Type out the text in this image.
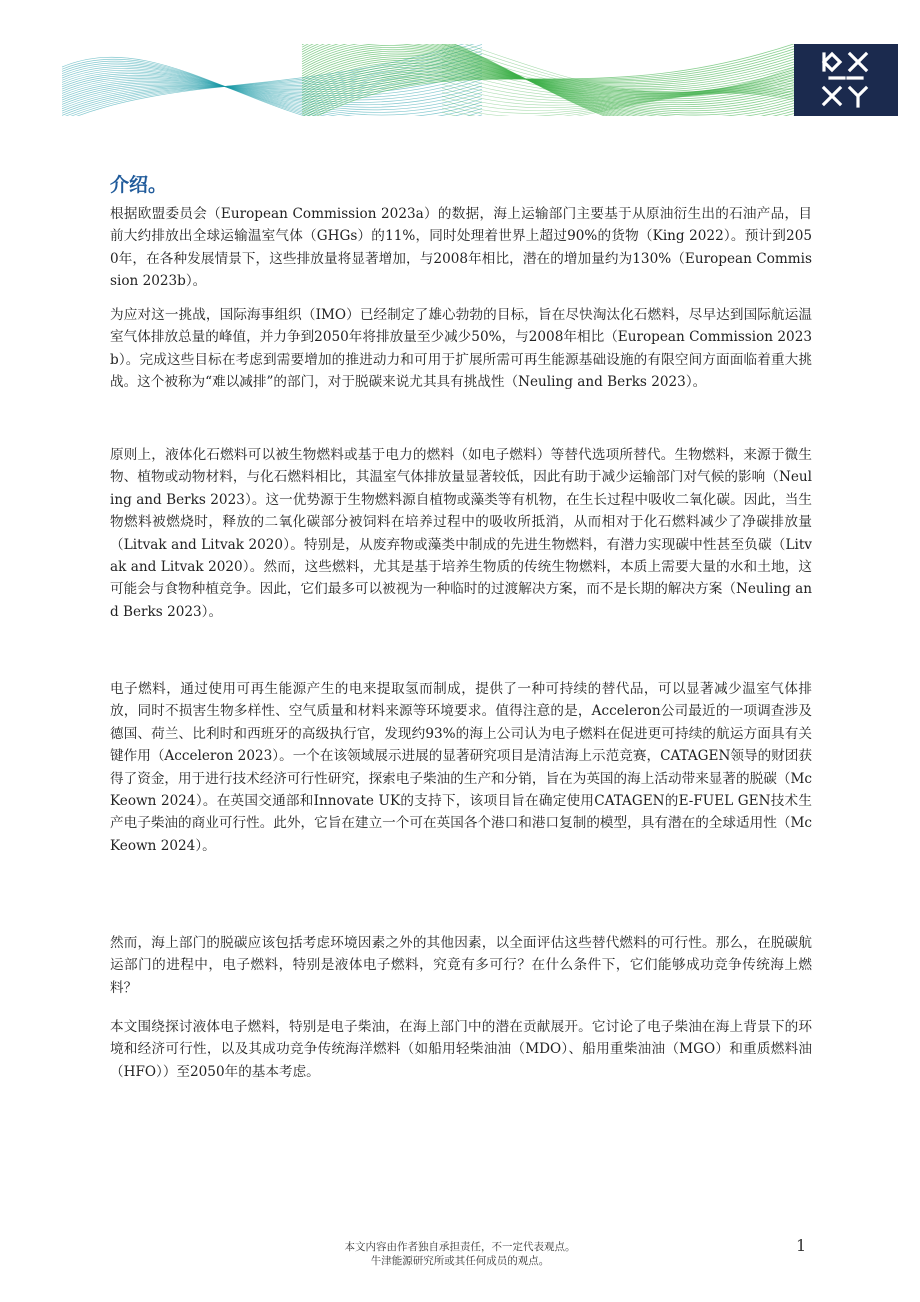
介绍。

根据欧盟委员会（European Commission 2023a）的数据，海上运输部门主要基于从原油衍生出的石油产品，目前大约排放出全球运输温室气体（GHGs）的11%，同时处理着世界上超过90%的货物（King 2022）。预计到2050年，在各种发展情景下，这些排放量将显著增加，与2008年相比，潜在的增加量约为130%（European Commission 2023b）。

为应对这一挑战，国际海事组织（IMO）已经制定了雄心勃勃的目标，旨在尽快淘汰化石燃料，尽早达到国际航运温室气体排放总量的峰值，并力争到2050年将排放量至少减少50%，与2008年相比（European Commission 2023b）。完成这些目标在考虑到需要增加的推进动力和可用于扩展所需可再生能源基础设施的有限空间方面面临着重大挑战。这个被称为“难以减排”的部门，对于脱碳来说尤其具有挑战性（Neuling and Berks 2023）。

原则上，液体化石燃料可以被生物燃料或基于电力的燃料（如电子燃料）等替代选项所替代。生物燃料，来源于微生物、植物或动物材料，与化石燃料相比，其温室气体排放量显著较低，因此有助于减少运输部门对气候的影响（Neuling and Berks 2023）。这一优势源于生物燃料源自植物或藻类等有机物，在生长过程中吸收二氧化碳。因此，当生物燃料被燃烧时，释放的二氧化碳部分被饲料在培养过程中的吸收所抵消，从而相对于化石燃料减少了净碳排放量（Litvak and Litvak 2020）。特别是，从废弃物或藻类中制成的先进生物燃料，有潜力实现碳中性甚至负碳（Litvak and Litvak 2020）。然而，这些燃料，尤其是基于培养生物质的传统生物燃料，本质上需要大量的水和土地，这可能会与食物种植竞争。因此，它们最多可以被视为一种临时的过渡解决方案，而不是长期的解决方案（Neuling and Berks 2023）。

电子燃料，通过使用可再生能源产生的电来提取氢而制成，提供了一种可持续的替代品，可以显著减少温室气体排放，同时不损害生物多样性、空气质量和材料来源等环境要求。值得注意的是，Acceleron公司最近的一项调查涉及德国、荷兰、比利时和西班牙的高级执行官，发现约93%的海上公司认为电子燃料在促进更可持续的航运方面具有关键作用（Acceleron 2023）。一个在该领域展示进展的显著研究项目是清洁海上示范竞赛，CATAGEN领导的财团获得了资金，用于进行技术经济可行性研究，探索电子柴油的生产和分销，旨在为英国的海上活动带来显著的脱碳（McKeown 2024）。在英国交通部和Innovate UK的支持下，该项目旨在确定使用CATAGEN的E-FUEL GEN技术生产电子柴油的商业可行性。此外，它旨在建立一个可在英国各个港口和港口复制的模型，具有潜在的全球适用性（McKeown 2024）。

然而，海上部门的脱碳应该包括考虑环境因素之外的其他因素，以全面评估这些替代燃料的可行性。那么，在脱碳航运部门的进程中，电子燃料，特别是液体电子燃料，究竟有多可行？在什么条件下，它们能够成功竞争传统海上燃料？

本文围绕探讨液体电子燃料，特别是电子柴油，在海上部门中的潜在贡献展开。它讨论了电子柴油在海上背景下的环境和经济可行性，以及其成功竞争传统海洋燃料（如船用轻柴油油（MDO）、船用重柴油油（MGO）和重质燃料油（HFO））至2050年的基本考虑。

本文内容由作者独自承担责任，不一定代表观点。
牛津能源研究所或其任何成员的观点。
1
